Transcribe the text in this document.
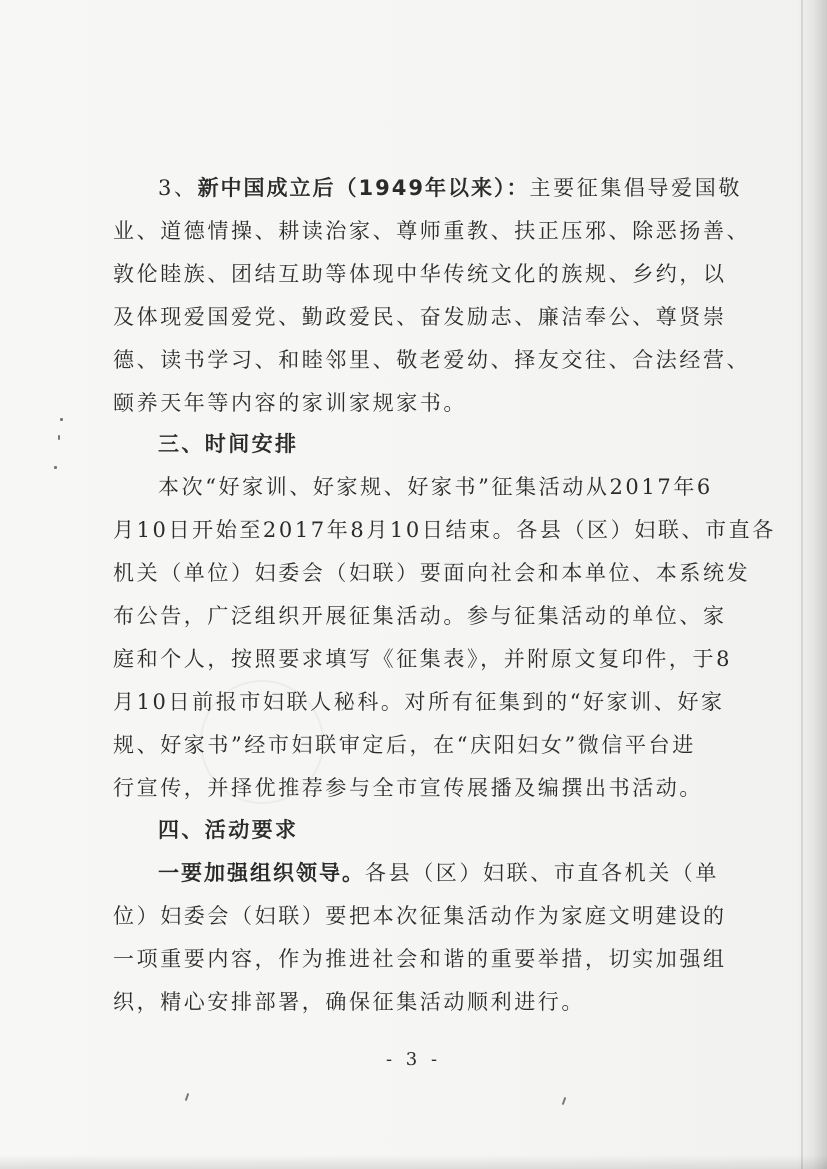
3、新中国成立后（1949年以来）：主要征集倡导爱国敬
业、道德情操、耕读治家、尊师重教、扶正压邪、除恶扬善、
敦伦睦族、团结互助等体现中华传统文化的族规、乡约，以
及体现爱国爱党、勤政爱民、奋发励志、廉洁奉公、尊贤崇
德、读书学习、和睦邻里、敬老爱幼、择友交往、合法经营、
颐养天年等内容的家训家规家书。
三、时间安排
本次“好家训、好家规、好家书”征集活动从2017年6
月10日开始至2017年8月10日结束。各县（区）妇联、市直各
机关（单位）妇委会（妇联）要面向社会和本单位、本系统发
布公告，广泛组织开展征集活动。参与征集活动的单位、家
庭和个人，按照要求填写《征集表》，并附原文复印件，于8
月10日前报市妇联人秘科。对所有征集到的“好家训、好家
规、好家书”经市妇联审定后，在“庆阳妇女”微信平台进
行宣传，并择优推荐参与全市宣传展播及编撰出书活动。
四、活动要求
一要加强组织领导。各县（区）妇联、市直各机关（单
位）妇委会（妇联）要把本次征集活动作为家庭文明建设的
一项重要内容，作为推进社会和谐的重要举措，切实加强组
织，精心安排部署，确保征集活动顺利进行。
- 3 -
